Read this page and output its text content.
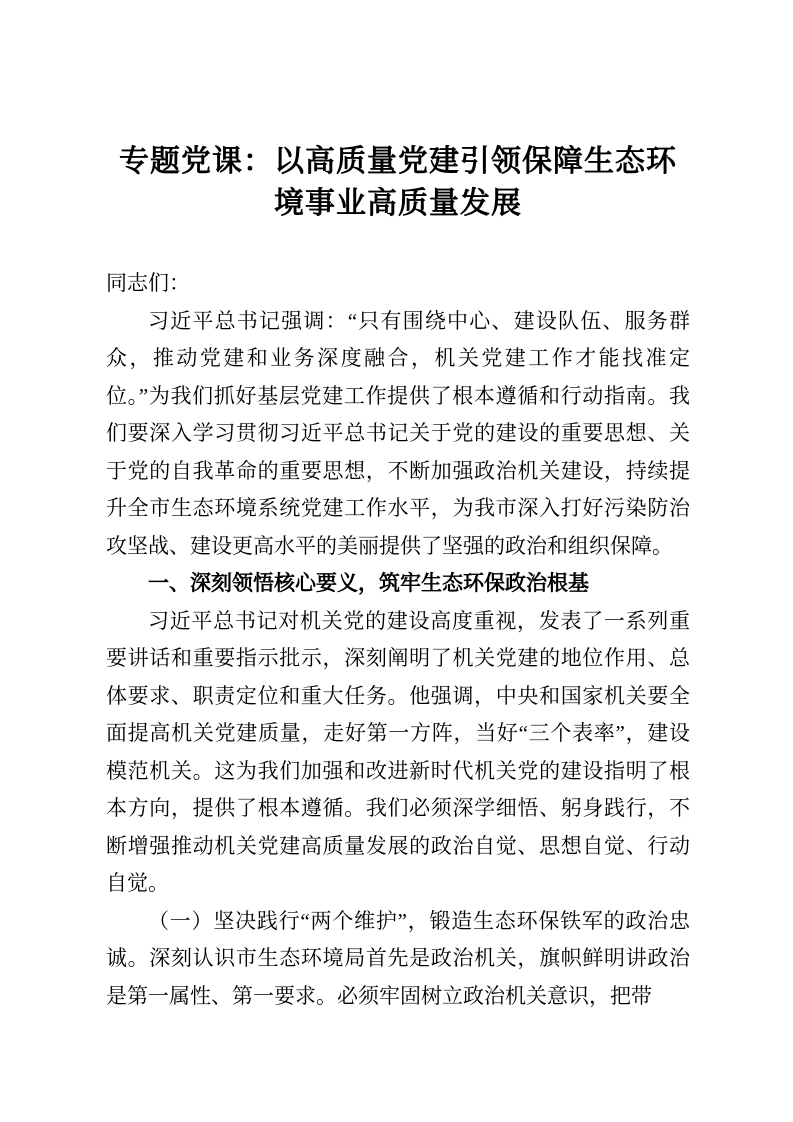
专题党课：以高质量党建引领保障生态环境事业高质量发展

同志们：

习近平总书记强调：“只有围绕中心、建设队伍、服务群众，推动党建和业务深度融合，机关党建工作才能找准定位。”为我们抓好基层党建工作提供了根本遵循和行动指南。我们要深入学习贯彻习近平总书记关于党的建设的重要思想、关于党的自我革命的重要思想，不断加强政治机关建设，持续提升全市生态环境系统党建工作水平，为我市深入打好污染防治攻坚战、建设更高水平的美丽提供了坚强的政治和组织保障。

一、深刻领悟核心要义，筑牢生态环保政治根基

习近平总书记对机关党的建设高度重视，发表了一系列重要讲话和重要指示批示，深刻阐明了机关党建的地位作用、总体要求、职责定位和重大任务。他强调，中央和国家机关要全面提高机关党建质量，走好第一方阵，当好“三个表率”，建设模范机关。这为我们加强和改进新时代机关党的建设指明了根本方向，提供了根本遵循。我们必须深学细悟、躬身践行，不断增强推动机关党建高质量发展的政治自觉、思想自觉、行动自觉。

（一）坚决践行“两个维护”，锻造生态环保铁军的政治忠诚。深刻认识市生态环境局首先是政治机关，旗帜鲜明讲政治是第一属性、第一要求。必须牢固树立政治机关意识，把带
